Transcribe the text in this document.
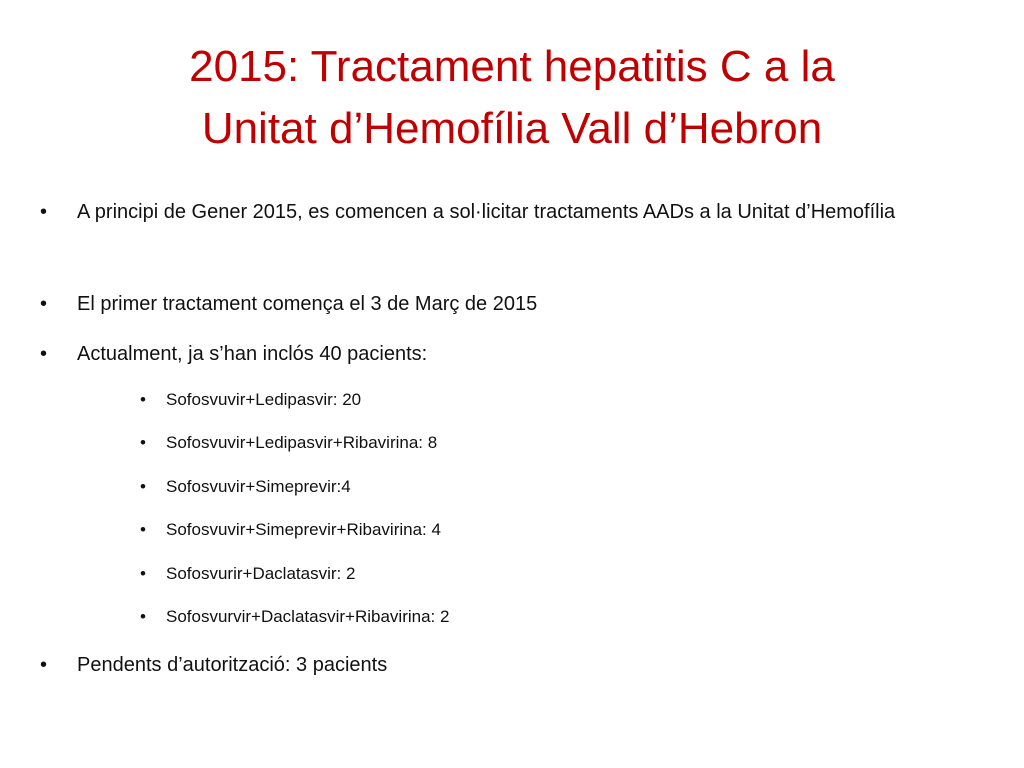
2015: Tractament hepatitis C a la
Unitat d’Hemofília Vall d’Hebron
•	A principi de Gener 2015, es comencen a sol·licitar tractaments AADs a la Unitat d’Hemofília
•	El primer tractament comença el 3 de Març de 2015
•	Actualment, ja s’han inclós 40 pacients:
•	Sofosvuvir+Ledipasvir: 20
•	Sofosvuvir+Ledipasvir+Ribavirina: 8
•	Sofosvuvir+Simeprevir:4
•	Sofosvuvir+Simeprevir+Ribavirina: 4
•	Sofosvurir+Daclatasvir: 2
•	Sofosvurvir+Daclatasvir+Ribavirina: 2
•	Pendents d’autorització: 3 pacients
